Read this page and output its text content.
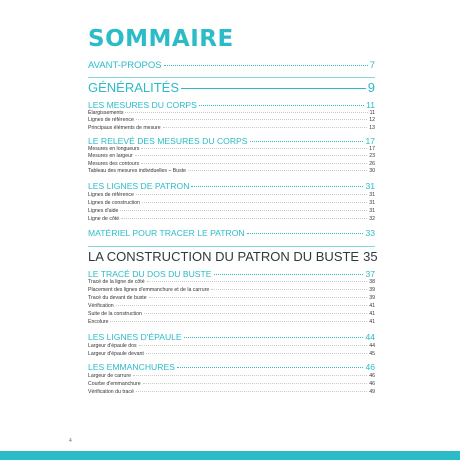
SOMMAIRE
AVANT-PROPOS	7
GÉNÉRALITÉS	9
LES MESURES DU CORPS	11
Élargissements	11
Lignes de référence	12
Principaux éléments de mesure	13
LE RELEVÉ DES MESURES DU CORPS	17
Mesures en longueurs	17
Mesures en largeur	23
Mesures des contours	26
Tableau des mesures individuelles – Buste	30
LES LIGNES DE PATRON	31
Lignes de référence	31
Lignes de construction	31
Lignes d'aide	31
Ligne de côté	32
MATÉRIEL POUR TRACER LE PATRON	33
LA CONSTRUCTION DU PATRON DU BUSTE 35
LE TRACÉ DU DOS DU BUSTE	37
Tracé de la ligne de côté	38
Placement des lignes d'emmanchure et de la carrure	39
Tracé du devant de buste	39
Vérification	41
Suite de la construction	41
Encolure	41
LES LIGNES D'ÉPAULE	44
Largeur d'épaule dos	44
Largeur d'épaule devant	45
LES EMMANCHURES	46
Largeur de carrure	46
Courbe d'emmanchure	46
Vérification du tracé	49
4
